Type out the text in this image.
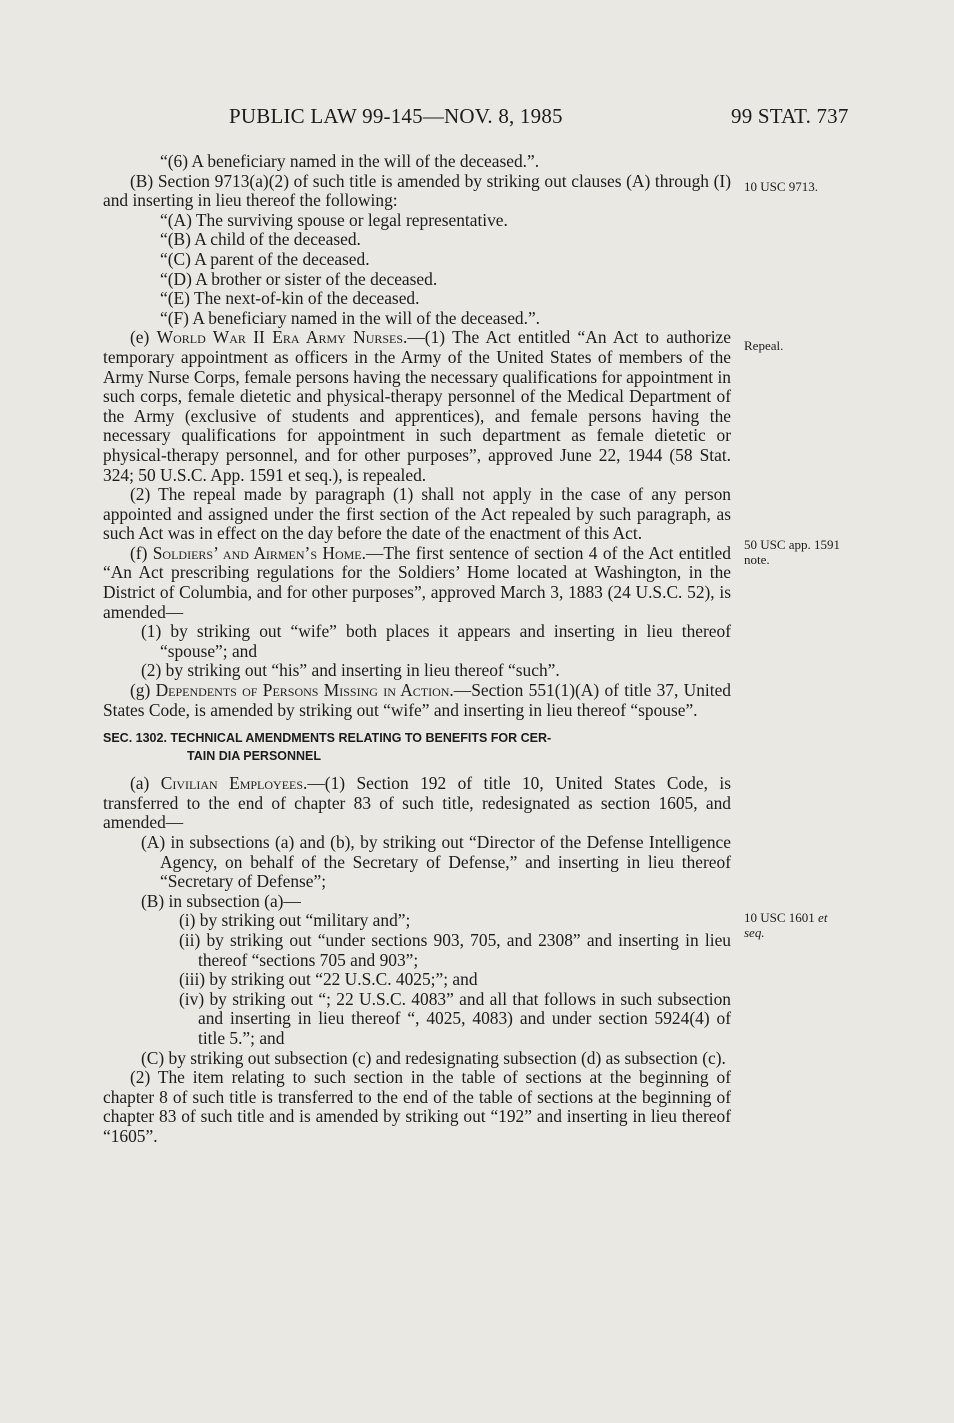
PUBLIC LAW 99-145—NOV. 8, 1985	99 STAT. 737

“(6) A beneficiary named in the will of the deceased.”.

(B) Section 9713(a)(2) of such title is amended by striking out clauses (A) through (I) and inserting in lieu thereof the following:

“(A) The surviving spouse or legal representative.

“(B) A child of the deceased.

“(C) A parent of the deceased.

“(D) A brother or sister of the deceased.

“(E) The next-of-kin of the deceased.

“(F) A beneficiary named in the will of the deceased.”.

(e) World War II Era Army Nurses.—(1) The Act entitled “An Act to authorize temporary appointment as officers in the Army of the United States of members of the Army Nurse Corps, female persons having the necessary qualifications for appointment in such corps, female dietetic and physical-therapy personnel of the Medical Department of the Army (exclusive of students and apprentices), and female persons having the necessary qualifications for appointment in such department as female dietetic or physical-therapy personnel, and for other purposes”, approved June 22, 1944 (58 Stat. 324; 50 U.S.C. App. 1591 et seq.), is repealed.

(2) The repeal made by paragraph (1) shall not apply in the case of any person appointed and assigned under the first section of the Act repealed by such paragraph, as such Act was in effect on the day before the date of the enactment of this Act.

(f) Soldiers’ and Airmen’s Home.—The first sentence of section 4 of the Act entitled “An Act prescribing regulations for the Soldiers’ Home located at Washington, in the District of Columbia, and for other purposes”, approved March 3, 1883 (24 U.S.C. 52), is amended—

(1) by striking out “wife” both places it appears and inserting in lieu thereof “spouse”; and

(2) by striking out “his” and inserting in lieu thereof “such”.

(g) Dependents of Persons Missing in Action.—Section 551(1)(A) of title 37, United States Code, is amended by striking out “wife” and inserting in lieu thereof “spouse”.

SEC. 1302. TECHNICAL AMENDMENTS RELATING TO BENEFITS FOR CER-
TAIN DIA PERSONNEL

(a) Civilian Employees.—(1) Section 192 of title 10, United States Code, is transferred to the end of chapter 83 of such title, redesignated as section 1605, and amended—

(A) in subsections (a) and (b), by striking out “Director of the Defense Intelligence Agency, on behalf of the Secretary of Defense,” and inserting in lieu thereof “Secretary of Defense”;

(B) in subsection (a)—

(i) by striking out “military and”;

(ii) by striking out “under sections 903, 705, and 2308” and inserting in lieu thereof “sections 705 and 903”;

(iii) by striking out “22 U.S.C. 4025;”; and

(iv) by striking out “; 22 U.S.C. 4083” and all that follows in such subsection and inserting in lieu thereof “, 4025, 4083) and under section 5924(4) of title 5.”; and

(C) by striking out subsection (c) and redesignating subsection (d) as subsection (c).

(2) The item relating to such section in the table of sections at the beginning of chapter 8 of such title is transferred to the end of the table of sections at the beginning of chapter 83 of such title and is amended by striking out “192” and inserting in lieu thereof “1605”.

10 USC 9713.
Repeal.
50 USC app. 1591
note.
10 USC 1601 et
seq.
